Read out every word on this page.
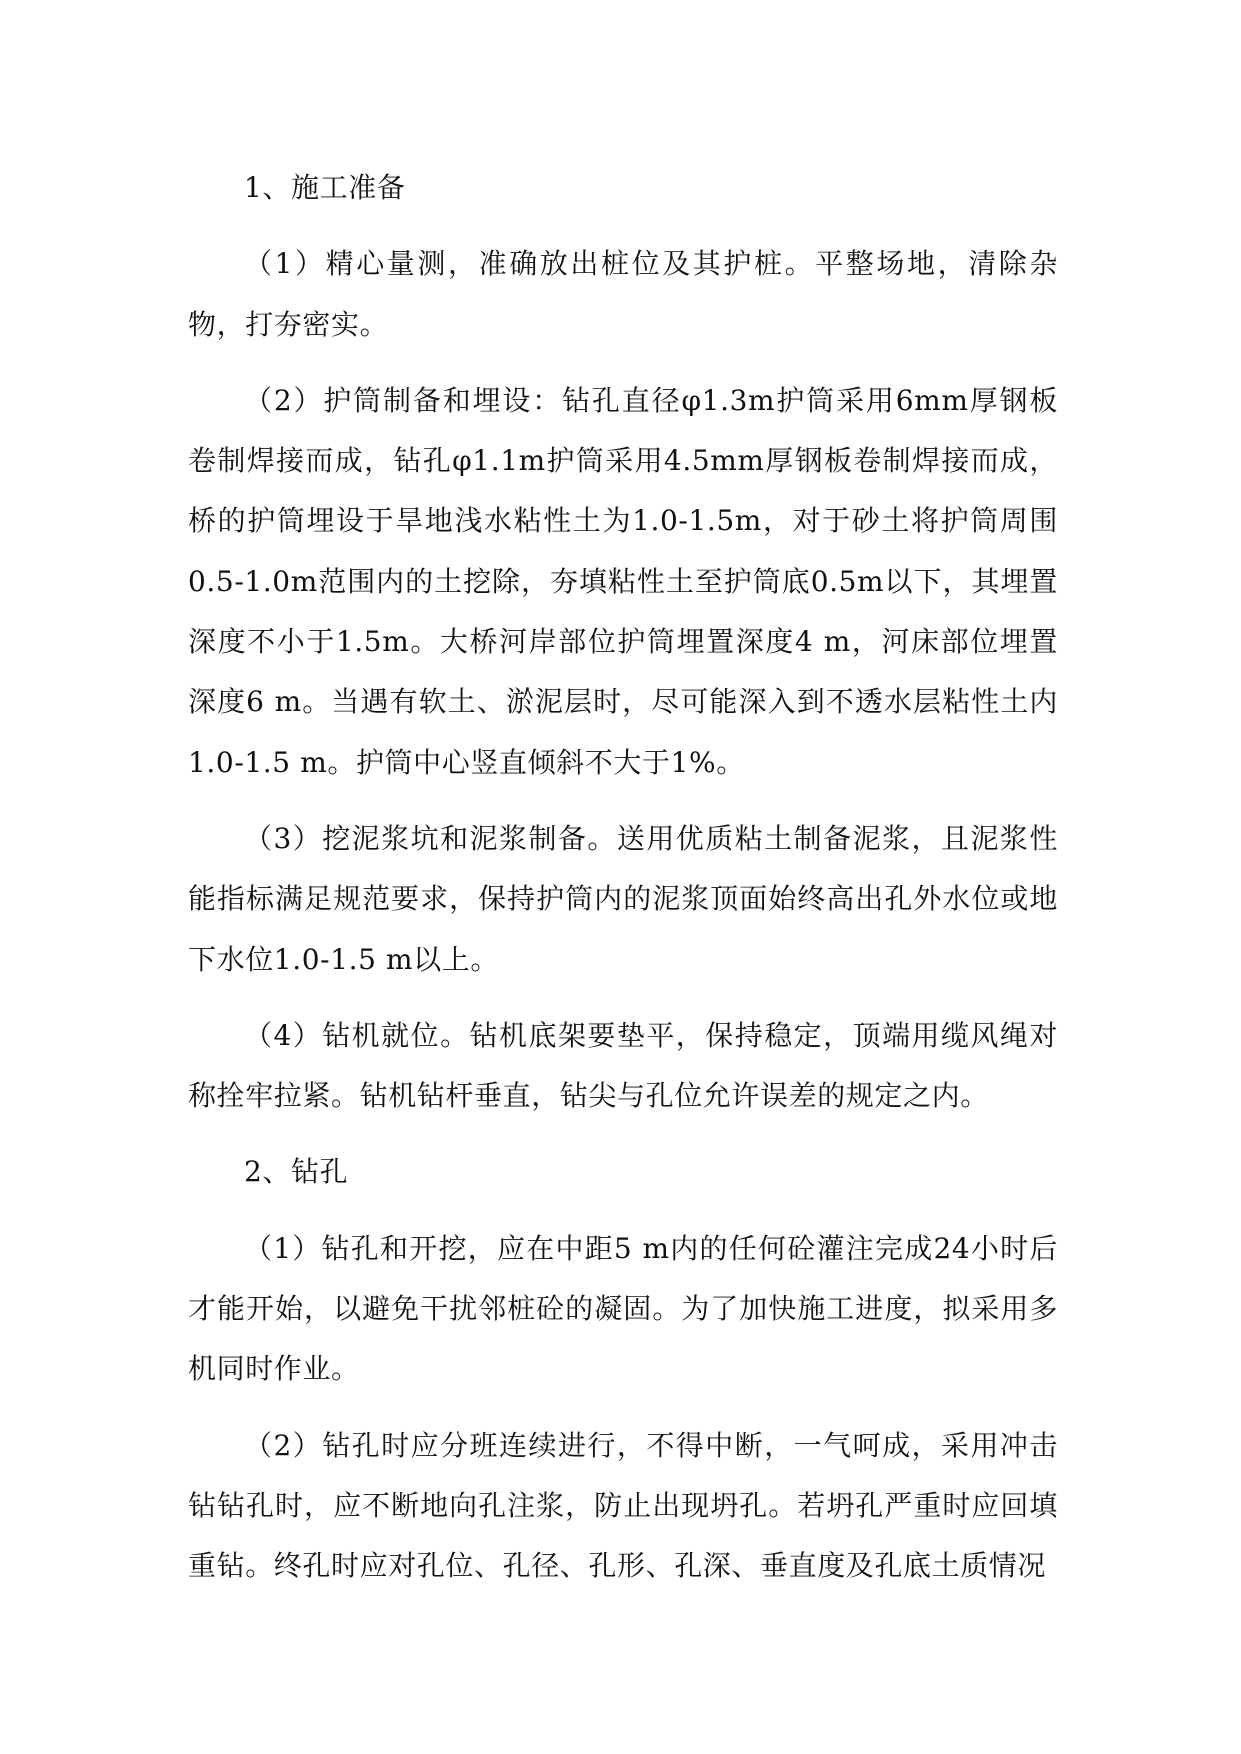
1、施工准备

（1）精心量测，准确放出桩位及其护桩。平整场地，清除杂物，打夯密实。

（2）护筒制备和埋设：钻孔直径φ1.3m护筒采用6mm厚钢板卷制焊接而成，钻孔φ1.1m护筒采用4.5mm厚钢板卷制焊接而成，桥的护筒埋设于旱地浅水粘性土为1.0-1.5m，对于砂土将护筒周围0.5-1.0m范围内的土挖除，夯填粘性土至护筒底0.5m以下，其埋置深度不小于1.5m。大桥河岸部位护筒埋置深度4 m，河床部位埋置深度6 m。当遇有软土、淤泥层时，尽可能深入到不透水层粘性土内1.0-1.5 m。护筒中心竖直倾斜不大于1%。

（3）挖泥浆坑和泥浆制备。送用优质粘土制备泥浆，且泥浆性能指标满足规范要求，保持护筒内的泥浆顶面始终高出孔外水位或地下水位1.0-1.5 m以上。

（4）钻机就位。钻机底架要垫平，保持稳定，顶端用缆风绳对称拴牢拉紧。钻机钻杆垂直，钻尖与孔位允许误差的规定之内。

2、钻孔

（1）钻孔和开挖，应在中距5 m内的任何砼灌注完成24小时后才能开始，以避免干扰邻桩砼的凝固。为了加快施工进度，拟采用多机同时作业。

（2）钻孔时应分班连续进行，不得中断，一气呵成，采用冲击钻钻孔时，应不断地向孔注浆，防止出现坍孔。若坍孔严重时应回填重钻。终孔时应对孔位、孔径、孔形、孔深、垂直度及孔底土质情况
